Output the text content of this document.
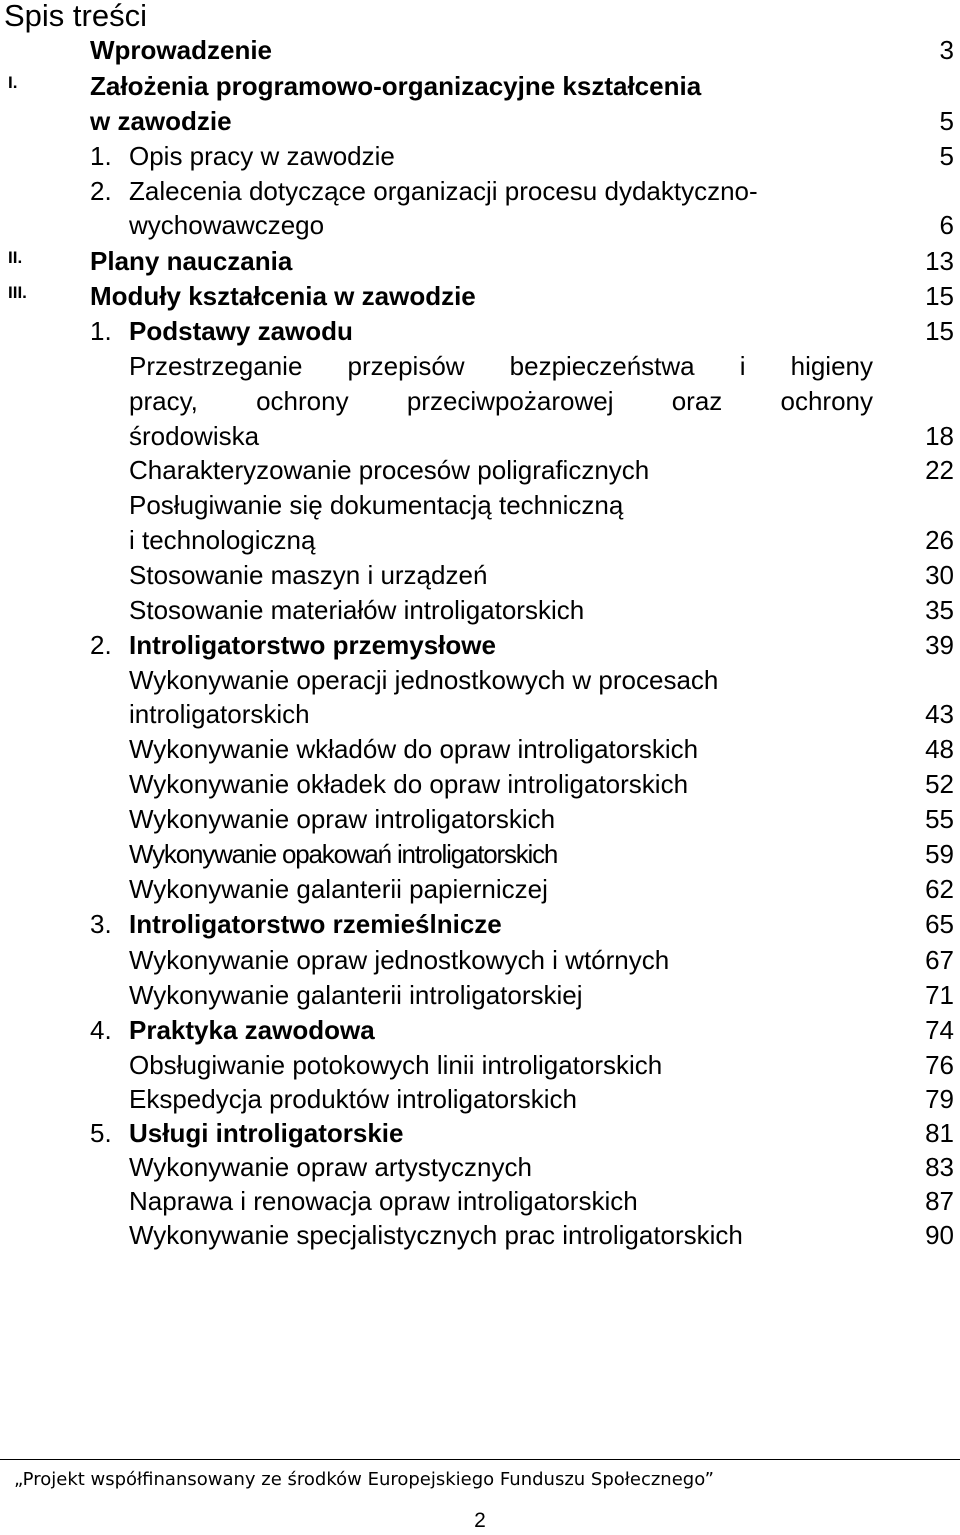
Spis treści
Wprowadzenie	3
I.	Założenia programowo-organizacyjne kształcenia
w zawodzie	5
1. Opis pracy w zawodzie	5
2. Zalecenia dotyczące organizacji procesu dydaktyczno-
wychowawczego	6
II.	Plany nauczania	13
III. Moduły kształcenia w zawodzie	15
1. Podstawy zawodu	15
Przestrzeganie przepisów bezpieczeństwa i higieny
pracy, ochrony przeciwpożarowej oraz ochrony
środowiska	18
Charakteryzowanie procesów poligraficznych	22
Posługiwanie się dokumentacją techniczną
i technologiczną	26
Stosowanie maszyn i urządzeń	30
Stosowanie materiałów introligatorskich	35
2. Introligatorstwo przemysłowe	39
Wykonywanie operacji jednostkowych w procesach
introligatorskich	43
Wykonywanie wkładów do opraw introligatorskich	48
Wykonywanie okładek do opraw introligatorskich	52
Wykonywanie opraw introligatorskich	55
Wykonywanie opakowań introligatorskich	59
Wykonywanie galanterii papierniczej	62
3. Introligatorstwo rzemieślnicze	65
Wykonywanie opraw jednostkowych i wtórnych	67
Wykonywanie galanterii introligatorskiej	71
4. Praktyka zawodowa	74
Obsługiwanie potokowych linii introligatorskich	76
Ekspedycja produktów introligatorskich	79
5. Usługi introligatorskie	81
Wykonywanie opraw artystycznych	83
Naprawa i renowacja opraw introligatorskich	87
Wykonywanie specjalistycznych prac introligatorskich	90
„Projekt współfinansowany ze środków Europejskiego Funduszu Społecznego”
2
